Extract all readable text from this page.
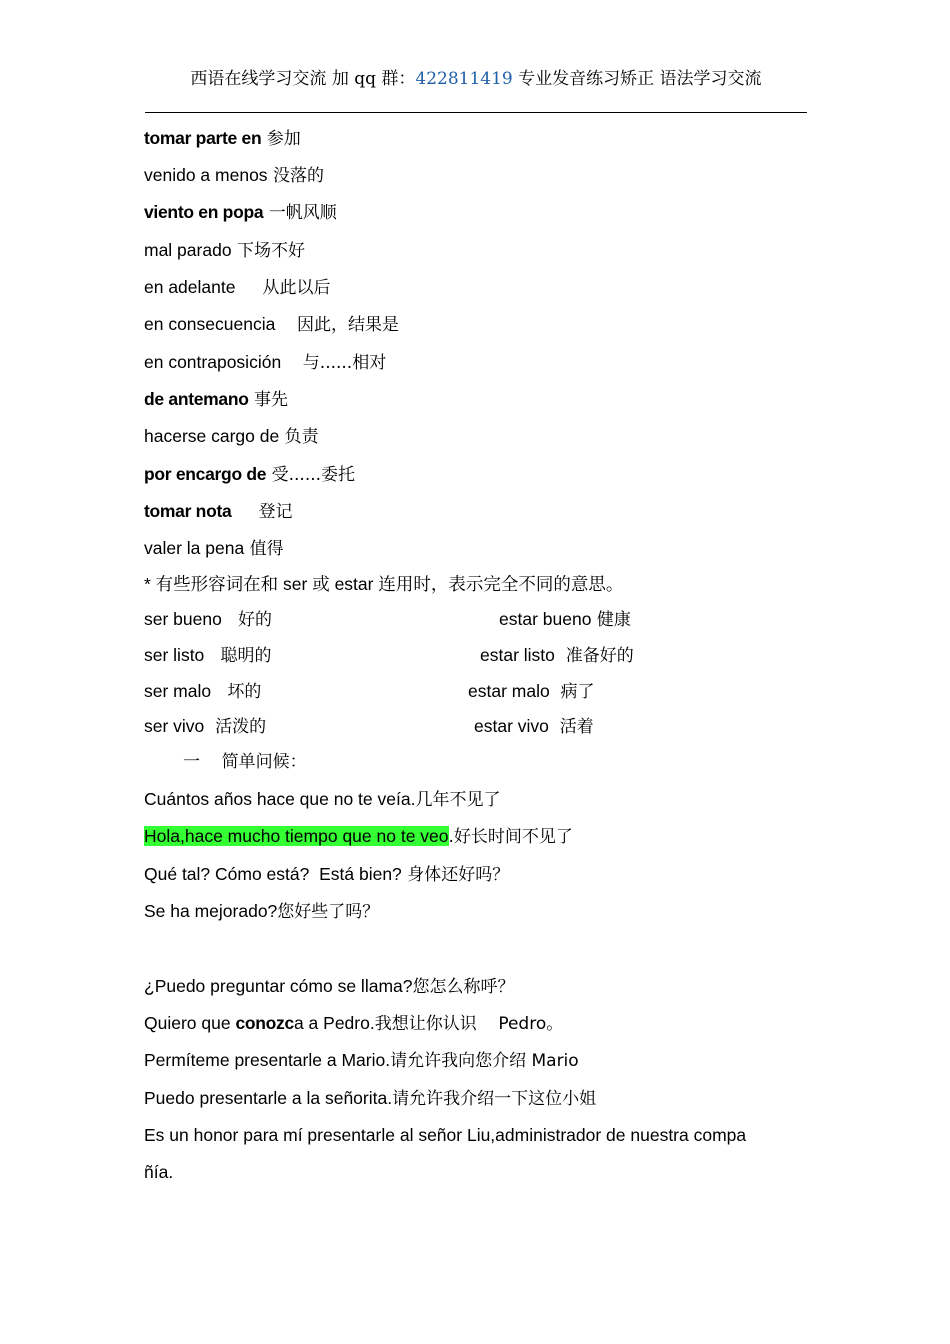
西语在线学习交流 加 qq 群：422811419 专业发音练习矫正 语法学习交流
tomar parte en 参加
venido a menos 没落的
viento en popa 一帆风顺
mal parado 下场不好
en adelante     从此以后
en consecuencia    因此，结果是
en contraposición    与......相对
de antemano 事先
hacerse cargo de 负责
por encargo de 受......委托
tomar nota     登记
valer la pena 值得
* 有些形容词在和 ser 或 estar 连用时，表示完全不同的意思。
ser bueno   好的	estar bueno 健康
ser listo   聪明的	estar listo  准备好的
ser malo   坏的	estar malo  病了
ser vivo  活泼的	estar vivo  活着
一    简单问候：
Cuántos años hace que no te veía.几年不见了
Hola,hace mucho tiempo que no te veo.好长时间不见了
Qué tal? Cómo está?  Está bien? 身体还好吗？
Se ha mejorado?您好些了吗？
¿Puedo preguntar cómo se llama?您怎么称呼？
Quiero que conozca a Pedro.我想让你认识    Pedro。
Permíteme presentarle a Mario.请允许我向您介绍 Mario
Puedo presentarle a la señorita.请允许我介绍一下这位小姐
Es un honor para mí presentarle al señor Liu,administrador de nuestra compa
ñía.
